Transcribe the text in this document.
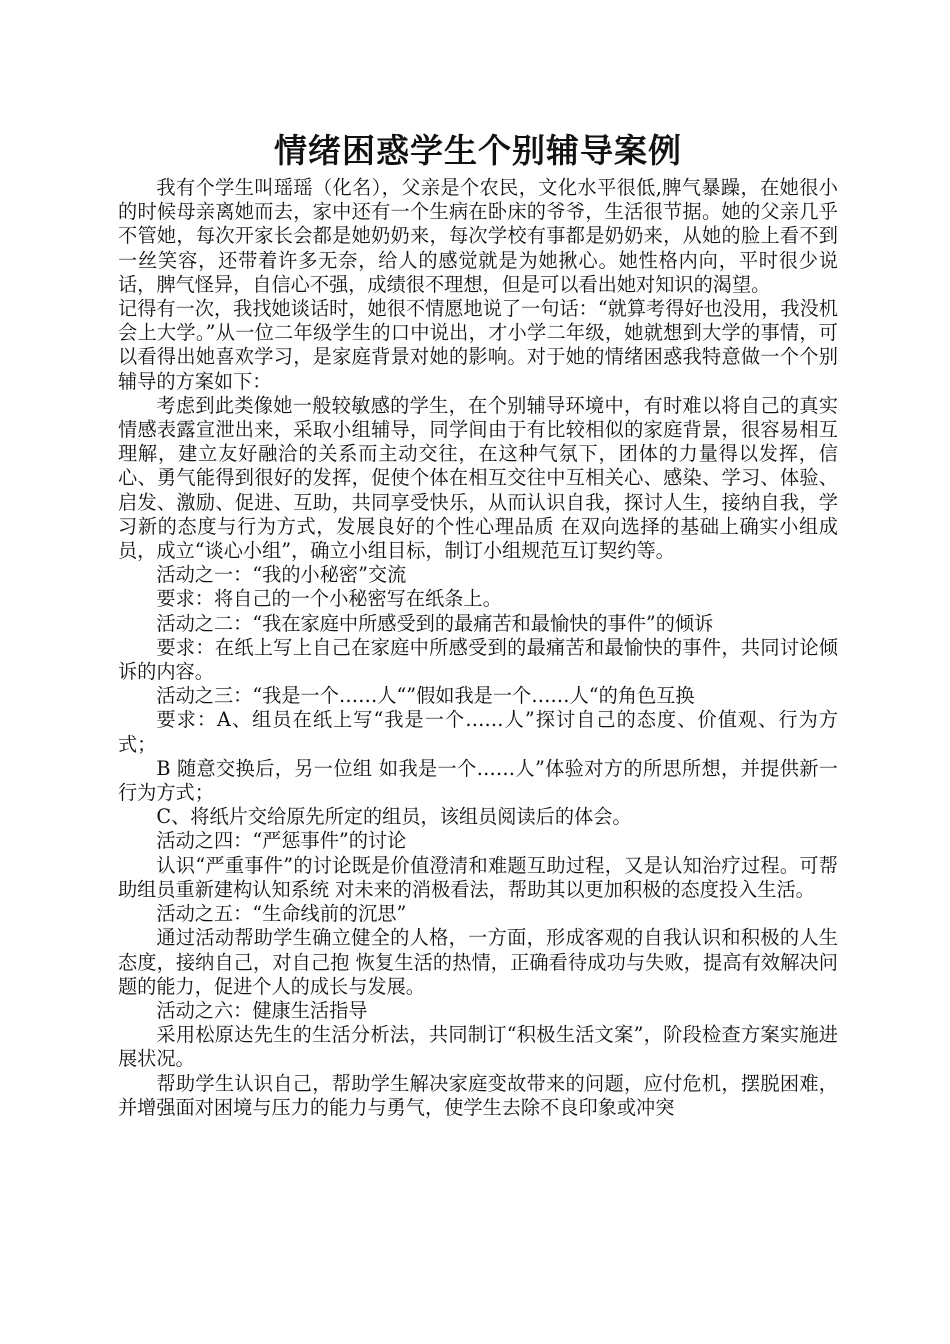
情绪困惑学生个别辅导案例

我有个学生叫瑶瑶（化名），父亲是个农民，文化水平很低,脾气暴躁，在她很小的时候母亲离她而去，家中还有一个生病在卧床的爷爷，生活很节据。她的父亲几乎不管她，每次开家长会都是她奶奶来，每次学校有事都是奶奶来，从她的脸上看不到一丝笑容，还带着许多无奈，给人的感觉就是为她揪心。她性格内向，平时很少说话，脾气怪异，自信心不强，成绩很不理想，但是可以看出她对知识的渴望。

记得有一次，我找她谈话时，她很不情愿地说了一句话：“就算考得好也没用，我没机会上大学。”从一位二年级学生的口中说出，才小学二年级，她就想到大学的事情，可以看得出她喜欢学习，是家庭背景对她的影响。对于她的情绪困惑我特意做一个个别辅导的方案如下：

考虑到此类像她一般较敏感的学生，在个别辅导环境中，有时难以将自己的真实情感表露宣泄出来，采取小组辅导，同学间由于有比较相似的家庭背景，很容易相互理解，建立友好融洽的关系而主动交往，在这种气氛下，团体的力量得以发挥，信心、勇气能得到很好的发挥，促使个体在相互交往中互相关心、感染、学习、体验、启发、激励、促进、互助，共同享受快乐，从而认识自我，探讨人生，接纳自我，学习新的态度与行为方式，发展良好的个性心理品质 在双向选择的基础上确实小组成员，成立“谈心小组”，确立小组目标，制订小组规范互订契约等。

活动之一：“我的小秘密”交流

要求：将自己的一个小秘密写在纸条上。

活动之二：“我在家庭中所感受到的最痛苦和最愉快的事件”的倾诉

要求：在纸上写上自己在家庭中所感受到的最痛苦和最愉快的事件，共同讨论倾诉的内容。

活动之三：“我是一个……人“”假如我是一个……人“的角色互换

要求：A、组员在纸上写“我是一个……人”探讨自己的态度、价值观、行为方式；

B 随意交换后，另一位组 如我是一个……人”体验对方的所思所想，并提供新一行为方式；

C、将纸片交给原先所定的组员，该组员阅读后的体会。

活动之四：“严惩事件”的讨论

认识“严重事件”的讨论既是价值澄清和难题互助过程，又是认知治疗过程。可帮助组员重新建构认知系统 对未来的消极看法，帮助其以更加积极的态度投入生活。

活动之五：“生命线前的沉思”

通过活动帮助学生确立健全的人格，一方面，形成客观的自我认识和积极的人生态度，接纳自己，对自己抱 恢复生活的热情，正确看待成功与失败，提高有效解决问题的能力，促进个人的成长与发展。

活动之六：健康生活指导

采用松原达先生的生活分析法，共同制订“积极生活文案”，阶段检查方案实施进展状况。

帮助学生认识自己，帮助学生解决家庭变故带来的问题，应付危机，摆脱困难，并增强面对困境与压力的能力与勇气，使学生去除不良印象或冲突
